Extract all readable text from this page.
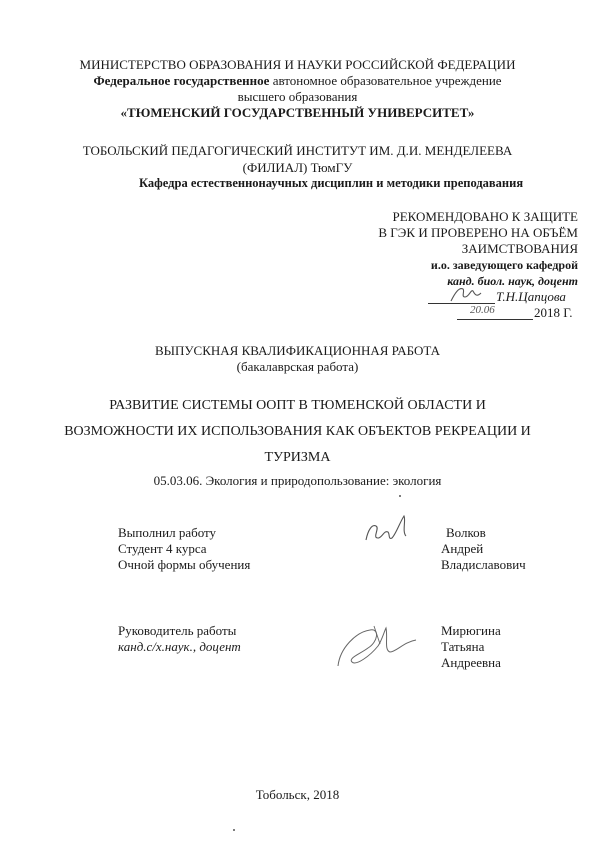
МИНИСТЕРСТВО ОБРАЗОВАНИЯ И НАУКИ РОССИЙСКОЙ ФЕДЕРАЦИИ
Федеральное государственное автономное образовательное учреждение
высшего образования
«ТЮМЕНСКИЙ ГОСУДАРСТВЕННЫЙ УНИВЕРСИТЕТ»
ТОБОЛЬСКИЙ ПЕДАГОГИЧЕСКИЙ ИНСТИТУТ ИМ. Д.И. МЕНДЕЛЕЕВА
(ФИЛИАЛ) ТюмГУ
Кафедра естественнонаучных дисциплин и методики преподавания
РЕКОМЕНДОВАНО К ЗАЩИТЕ
В ГЭК И ПРОВЕРЕНО НА ОБЪЁМ
ЗАИМСТВОВАНИЯ
и.о. заведующего кафедрой
канд. биол. наук, доцент
Т.Н.Цапцова
20.06	2018 Г.
ВЫПУСКНАЯ КВАЛИФИКАЦИОННАЯ РАБОТА
(бакалаврская работа)
РАЗВИТИЕ СИСТЕМЫ ООПТ В ТЮМЕНСКОЙ ОБЛАСТИ И
ВОЗМОЖНОСТИ ИХ ИСПОЛЬЗОВАНИЯ КАК ОБЪЕКТОВ РЕКРЕАЦИИ И
ТУРИЗМА
05.03.06. Экология и природопользование: экология
Выполнил работу
Студент 4 курса
Очной формы обучения
Волков
Андрей
Владиславович
Руководитель работы
канд.с/х.наук., доцент
Мирюгина
Татьяна
Андреевна
Тобольск, 2018
